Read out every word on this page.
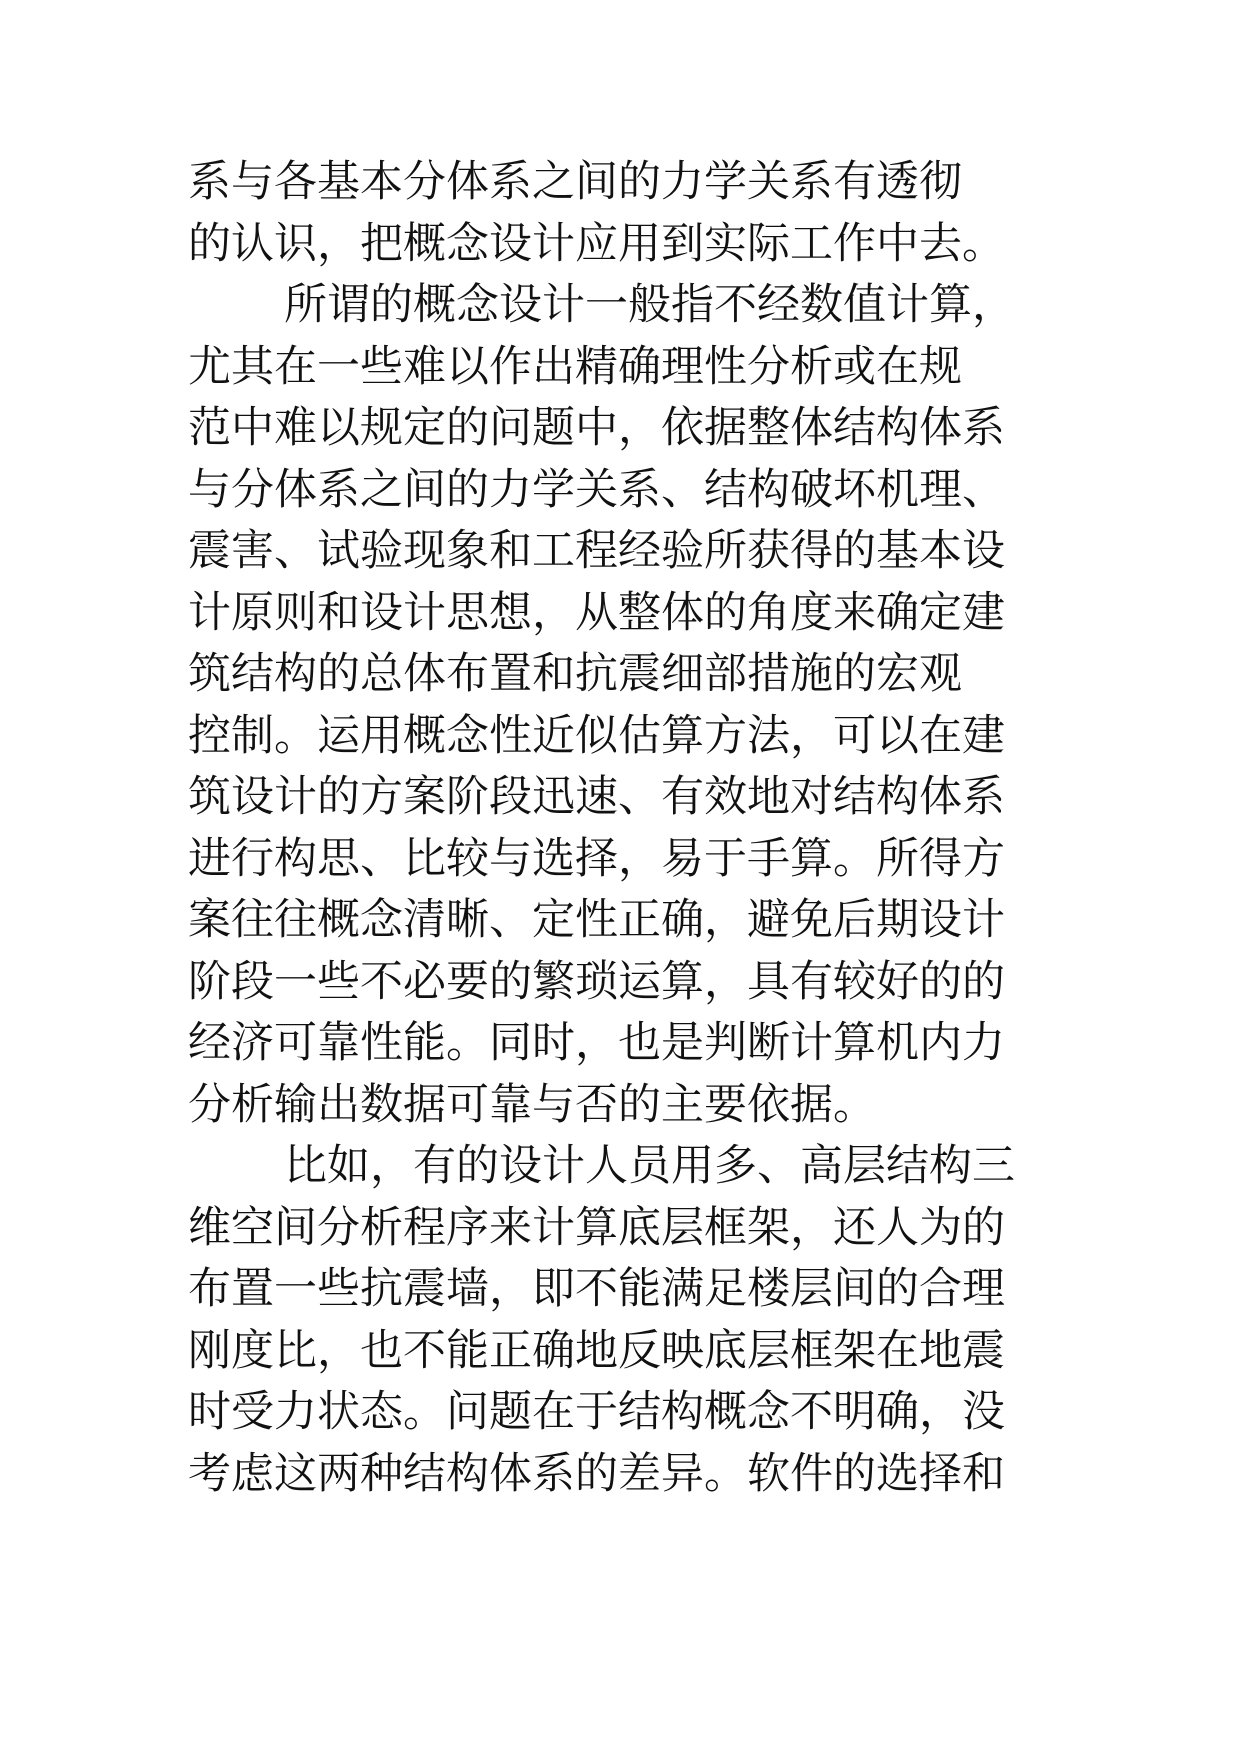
系与各基本分体系之间的力学关系有透彻
的认识，把概念设计应用到实际工作中去。
所谓的概念设计一般指不经数值计算，
尤其在一些难以作出精确理性分析或在规
范中难以规定的问题中，依据整体结构体系
与分体系之间的力学关系、结构破坏机理、
震害、试验现象和工程经验所获得的基本设
计原则和设计思想，从整体的角度来确定建
筑结构的总体布置和抗震细部措施的宏观
控制。运用概念性近似估算方法，可以在建
筑设计的方案阶段迅速、有效地对结构体系
进行构思、比较与选择，易于手算。所得方
案往往概念清晰、定性正确，避免后期设计
阶段一些不必要的繁琐运算，具有较好的的
经济可靠性能。同时，也是判断计算机内力
分析输出数据可靠与否的主要依据。
比如，有的设计人员用多、高层结构三
维空间分析程序来计算底层框架，还人为的
布置一些抗震墙，即不能满足楼层间的合理
刚度比，也不能正确地反映底层框架在地震
时受力状态。问题在于结构概念不明确，没
考虑这两种结构体系的差异。软件的选择和
